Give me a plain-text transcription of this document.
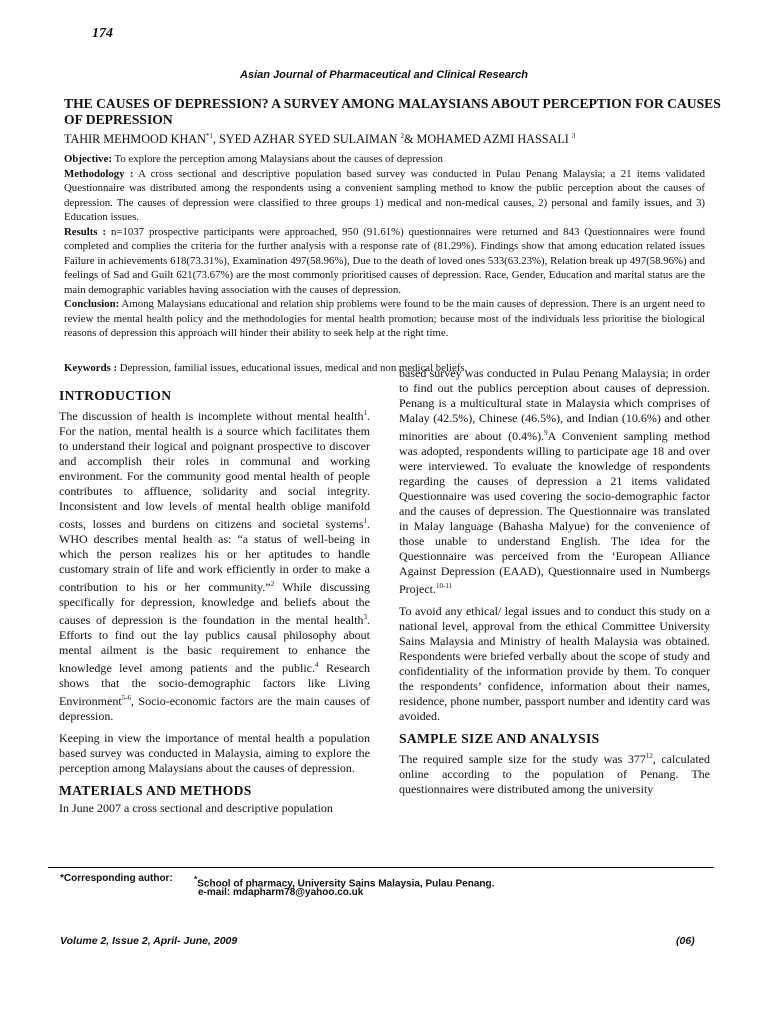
174
Asian Journal of Pharmaceutical and Clinical Research
THE CAUSES OF DEPRESSION? A SURVEY AMONG MALAYSIANS ABOUT PERCEPTION FOR CAUSES OF DEPRESSION
TAHIR MEHMOOD KHAN$^{*1}$, SYED AZHAR SYED SULAIMAN $^2$& MOHAMED AZMI HASSALI $^3$

Objective: To explore the perception among Malaysians about the causes of depression

Methodology : A cross sectional and descriptive population based survey was conducted in Pulau Penang Malaysia; a 21 items validated Questionnaire was distributed among the respondents using a convenient sampling method to know the public perception about the causes of depression. The causes of depression were classified to three groups 1) medical and non-medical causes, 2) personal and family issues, and 3) Education issues.

Results : n=1037 prospective participants were approached, 950 (91.61%) questionnaires were returned and 843 Questionnaires were found completed and complies the criteria for the further analysis with a response rate of (81.29%). Findings show that among education related issues Failure in achievements 618(73.31%), Examination 497(58.96%), Due to the death of loved ones 533(63.23%), Relation break up 497(58.96%) and feelings of Sad and Guilt 621(73.67%) are the most commonly prioritised causes of depression. Race, Gender, Education and marital status are the main demographic variables having association with the causes of depression.

Conclusion: Among Malaysians educational and relation ship problems were found to be the main causes of depression. There is an urgent need to review the mental health policy and the methodologies for mental health promotion; because most of the individuals less prioritise the biological reasons of depression this approach will hinder their ability to seek help at the right time.

Keywords : Depression, familial issues, educational issues, medical and non medical beliefs.
INTRODUCTION

The discussion of health is incomplete without mental health$^1$. For the nation, mental health is a source which facilitates them to understand their logical and poignant prospective to discover and accomplish their roles in communal and working environment. For the community good mental health of people contributes to affluence, solidarity and social integrity. Inconsistent and low levels of mental health oblige manifold costs, losses and burdens on citizens and societal systems$^1$. WHO describes mental health as: “a status of well-being in which the person realizes his or her aptitudes to handle customary strain of life and work efficiently in order to make a contribution to his or her community.”$^2$ While discussing specifically for depression, knowledge and beliefs about the causes of depression is the foundation in the mental health$^3$. Efforts to find out the lay publics causal philosophy about mental ailment is the basic requirement to enhance the knowledge level among patients and the public.$^4$ Research shows that the socio-demographic factors like Living Environment$^{5-6}$, Socio-economic factors are the main causes of depression.

Keeping in view the importance of mental health a population based survey was conducted in Malaysia, aiming to explore the perception among Malaysians about the causes of depression.

MATERIALS AND METHODS

In June 2007 a cross sectional and descriptive population

based survey was conducted in Pulau Penang Malaysia; in order to find out the publics perception about causes of depression. Penang is a multicultural state in Malaysia which comprises of Malay (42.5%), Chinese (46.5%), and Indian (10.6%) and other minorities are about (0.4%).$^9$A Convenient sampling method was adopted, respondents willing to participate age 18 and over were interviewed. To evaluate the knowledge of respondents regarding the causes of depression a 21 items validated Questionnaire was used covering the socio-demographic factor and the causes of depression. The Questionnaire was translated in Malay language (Bahasha Malyue) for the convenience of those unable to understand English. The idea for the Questionnaire was perceived from the ‘European Alliance Against Depression (EAAD), Questionnaire used in Numbergs Project.$^{10-11}$

To avoid any ethical/ legal issues and to conduct this study on a national level, approval from the ethical Committee University Sains Malaysia and Ministry of health Malaysia was obtained. Respondents were briefed verbally about the scope of study and confidentiality of the information provide by them. To conquer the respondents’ confidence, information about their names, residence, phone number, passport number and identity card was avoided.

SAMPLE SIZE AND ANALYSIS

The required sample size for the study was $377^{12}$, calculated online according to the population of Penang. The questionnaires were distributed among the university

*Corresponding author:	*School of pharmacy, University Sains Malaysia, Pulau Penang.
e-mail: mdapharm78@yahoo.co.uk
Volume 2, Issue 2, April- June, 2009	(06)
